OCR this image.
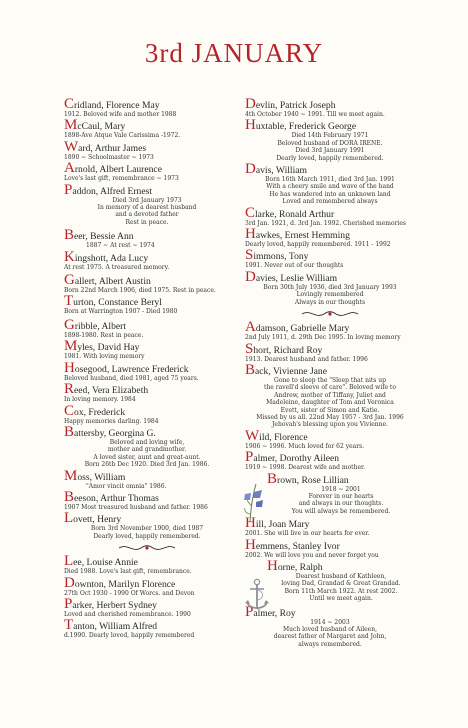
3rd JANUARY
Cridland, Florence May
1912. Beloved wife and mother 1988
McCaul, Mary
1898-Ave Atque Vale Carissima -1972.
Ward, Arthur James
1890 ~ Schoolmaster ~ 1973
Arnold, Albert Laurence
Love's last gift, remembrance ~ 1973
Paddon, Alfred Ernest
Died 3rd January 1973
In memory of a dearest husband
and a devoted father
Rest in peace.
Beer, Bessie Ann
1887 ~ At rest ~ 1974
Kingshott, Ada Lucy
At rest 1975. A treasured memory.
Gallert, Albert Austin
Born 22nd March 1906, died 1975. Rest in peace.
Turton, Constance Beryl
Born at Warrington 1907 - Died 1980
Gribble, Albert
1898-1980. Rest in peace.
Myles, David Hay
1981. With loving memory
Hosegood, Lawrence Frederick
Beloved husband, died 1981, aged 75 years.
Reed, Vera Elizabeth
In loving memory. 1984
Cox, Frederick
Happy memories darling. 1984
Battersby, Georgina G.
Beloved and loving wife,
mother and grandmother.
A loved sister, aunt and great-aunt.
Born 26th Dec 1920. Died 3rd Jan. 1986.
Moss, William
"Amor vincit omnia" 1986.
Beeson, Arthur Thomas
1907 Most treasured husband and father. 1986
Lovett, Henry
Born 3rd November 1900, died 1987
Dearly loved, happily remembered.
Lee, Louise Annie
Died 1988. Love's last gift, remembrance.
Downton, Marilyn Florence
27th Oct 1930 - 1990 Of Worcs. and Devon
Parker, Herbert Sydney
Loved and cherished remembrance. 1990
Tanton, William Alfred
d.1990. Dearly loved, happily remembered
Devlin, Patrick Joseph
4th October 1940 ~ 1991. Till we meet again.
Huxtable, Frederick George
Died 14th February 1971
Beloved husband of DORA IRENE.
Died 3rd January 1991
Dearly loved, happily remembered.
Davis, William
Born 16th March 1911, died 3rd Jan. 1991
With a cheery smile and wave of the hand
He has wandered into an unknown land
Loved and remembered always
Clarke, Ronald Arthur
3rd Jan. 1921, d. 3rd Jan. 1992. Cherished memories
Hawkes, Ernest Hemming
Dearly loved, happily remembered. 1911 - 1992
Simmons, Tony
1991. Never out of our thoughts
Davies, Leslie William
Born 30th July 1936, died 3rd January 1993
Lovingly remembered
Always in our thoughts
Adamson, Gabrielle Mary
2nd July 1911, d. 29th Dec 1995. In loving memory
Short, Richard Roy
1913. Dearest husband and father. 1996
Back, Vivienne Jane
Gone to sleep the "Sleep that nits up
the ravell'd sleeve of care". Beloved wife to
Andrew, mother of Tiffany, Juliet and
Madeleine, daughter of Tom and Veronica
Evett, sister of Simon and Katie.
Missed by us all. 22nd May 1957 - 3rd Jan. 1996
Jehovah's blessing upon you Vivienne.
Wild, Florence
1906 ~ 1996. Much loved for 62 years.
Palmer, Dorothy Aileen
1919 ~ 1998. Dearest wife and mother.
Brown, Rose Lillian
1918 ~ 2001
Forever in our hearts
and always in our thoughts.
You will always be remembered.
Hill, Joan Mary
2001. She will live in our hearts for ever.
Hemmens, Stanley Ivor
2002. We will love you and never forget you
Horne, Ralph
Dearest husband of Kathleen,
loving Dad, Grandad & Great Grandad.
Born 11th March 1922. At rest 2002.
Until we meet again.
Palmer, Roy
1914 ~ 2003
Much loved husband of Aileen,
dearest father of Margaret and John,
always remembered.
